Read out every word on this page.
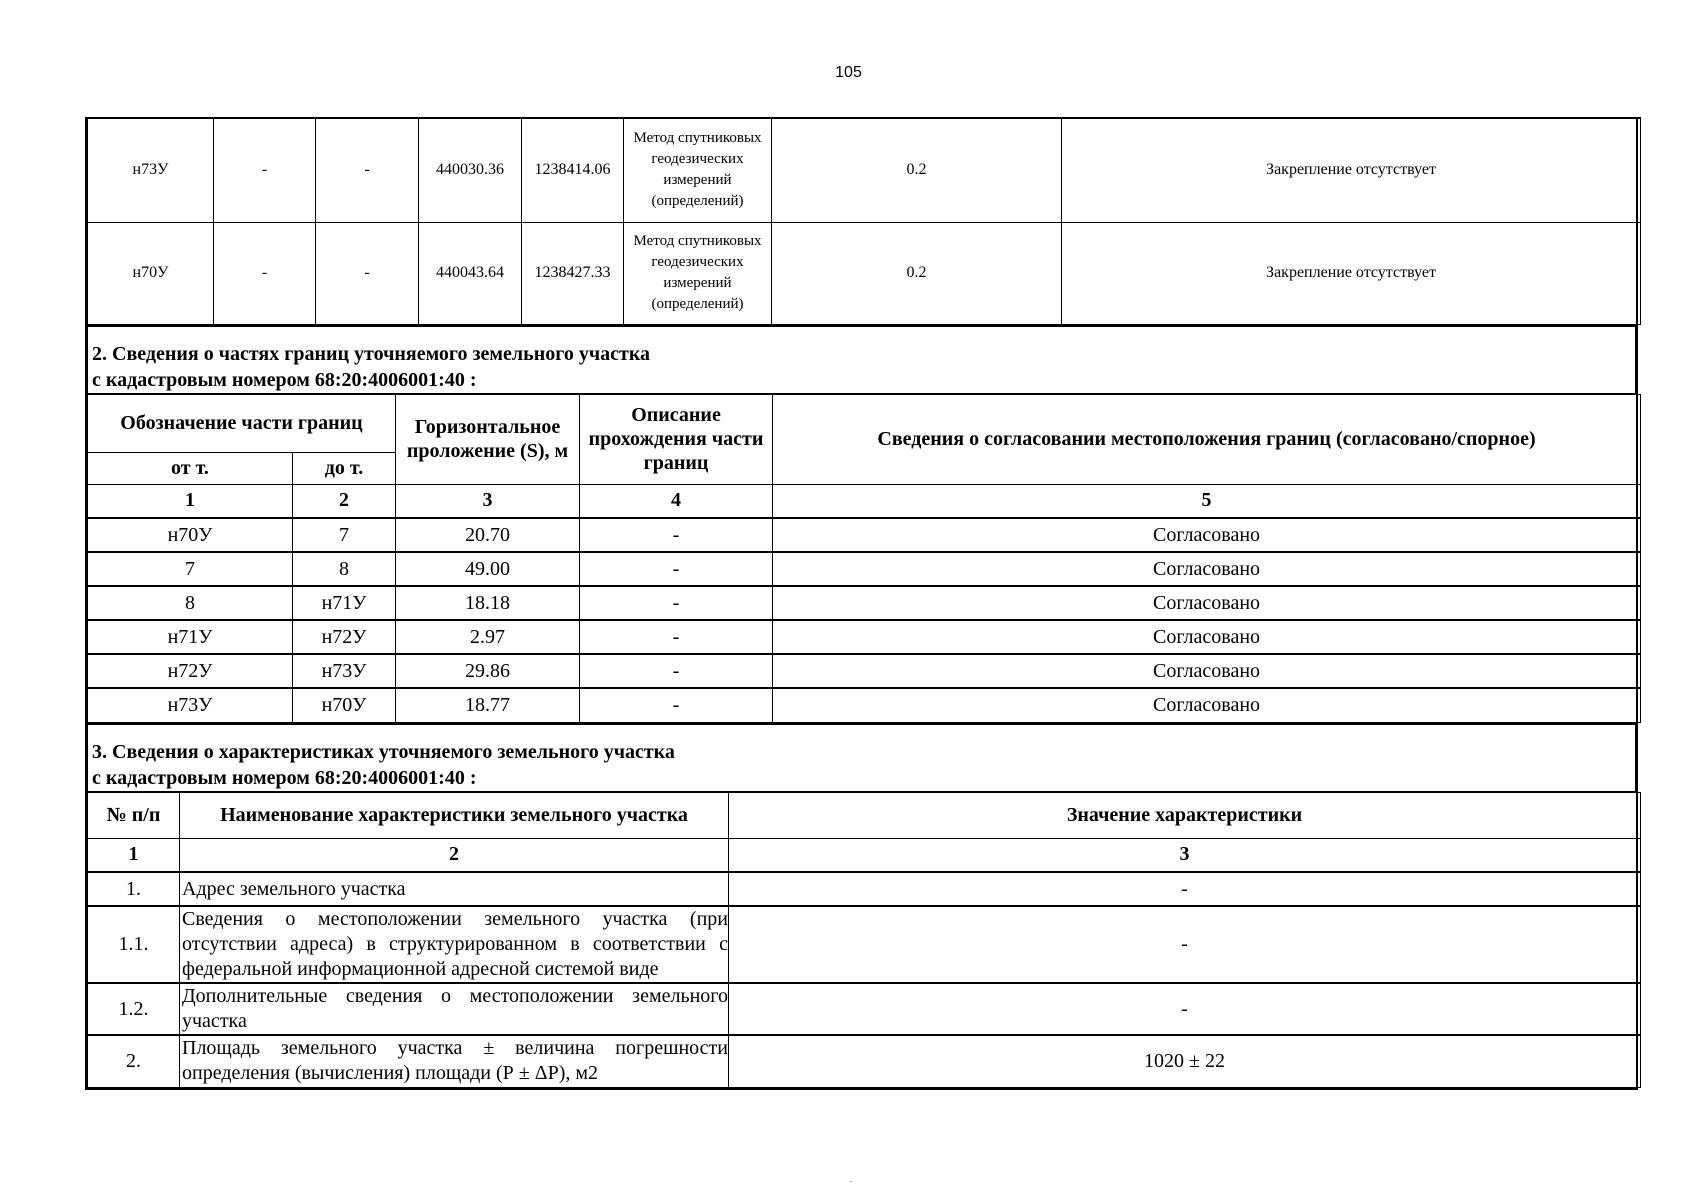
105
н73У	-	-	440030.36	1238414.06	Метод спутниковых геодезических измерений (определений)	0.2	Закрепление отсутствует
н70У	-	-	440043.64	1238427.33	Метод спутниковых геодезических измерений (определений)	0.2	Закрепление отсутствует
2. Сведения о частях границ уточняемого земельного участка
с кадастровым номером 68:20:4006001:40 :
Обозначение части границ		Горизонтальное проложение (S), м	Описание прохождения части границ	Сведения о согласовании местоположения границ (согласовано/спорное)
от т.	до т.			
1	2	3	4	5
н70У	7	20.70	-	Согласовано
7	8	49.00	-	Согласовано
8	н71У	18.18	-	Согласовано
н71У	н72У	2.97	-	Согласовано
н72У	н73У	29.86	-	Согласовано
н73У	н70У	18.77	-	Согласовано
3. Сведения о характеристиках уточняемого земельного участка
с кадастровым номером 68:20:4006001:40 :
№ п/п	Наименование характеристики земельного участка	Значение характеристики
1	2	3
1.	Адрес земельного участка	-
1.1.	Сведения о местоположении земельного участка (при отсутствии адреса) в структурированном в соответствии с федеральной информационной адресной системой виде	-
1.2.	Дополнительные сведения о местоположении земельного участка	-
2.	Площадь земельного участка ± величина погрешности определения (вычисления) площади (Р ± ΔР), м2	1020 ± 22
.
